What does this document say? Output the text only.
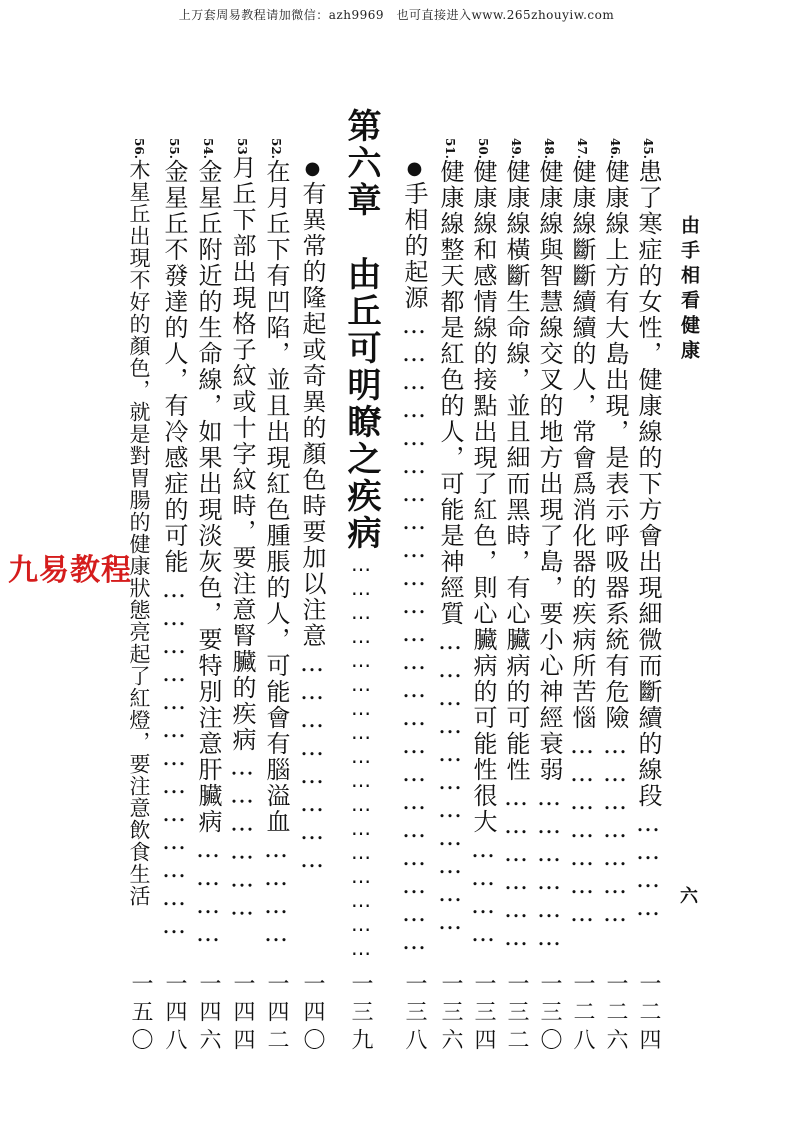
上万套周易教程请加微信：azh9969　也可直接进入www.265zhouyiw.com
由手相看健康
六
45.患了寒症的女性，健康線的下方會出現細微而斷續的線段…………
一二四
46.健康線上方有大島出現，是表示呼吸器系統有危險…………………
一二六
47.健康線斷斷續續的人，常會爲消化器的疾病所苦惱…………………
一二八
48.健康線與智慧線交叉的地方出現了島，要小心神經衰弱………………
一三〇
49.健康線橫斷生命線，並且細而黑時，有心臟病的可能性………………
一三二
50.健康線和感情線的接點出現了紅色，則心臟病的可能性很大…………
一三四
51.健康線整天都是紅色的人，可能是神經質……………………………
一三六
●手相的起源……………………………………………………………
一三八
第六章　由丘可明瞭之疾病……………………………………………
一三九
●有異常的隆起或奇異的顏色時要加以注意……………………
一四〇
52.在月丘下有凹陷，並且出現紅色腫脹的人，可能會有腦溢血…………
一四二
53月丘下部出現格子紋或十字紋時，要注意腎臟的疾病………………
一四四
54.金星丘附近的生命線，如果出現淡灰色，要特別注意肝臟病…………
一四六
55.金星丘不發達的人，有冷感症的可能…………………………………
一四八
56.木星丘出現不好的顏色，就是對胃腸的健康狀態亮起了紅燈，要注意飲食生活
一五〇
九易教程
